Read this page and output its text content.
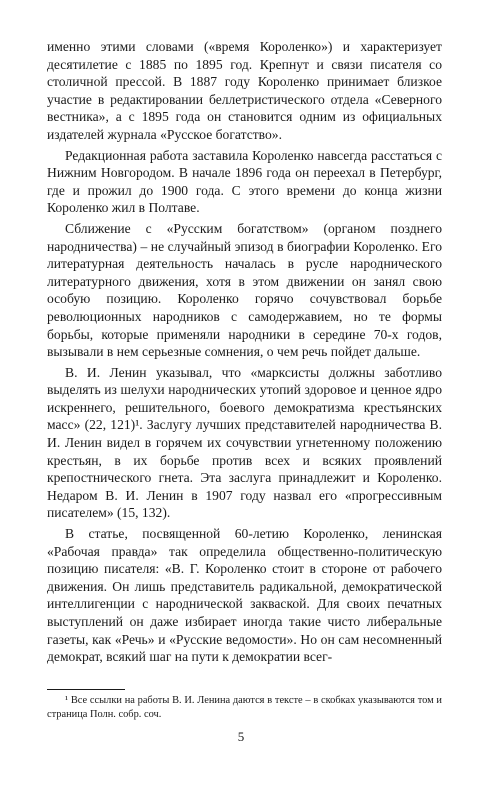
именно этими словами («время Короленко») и характеризует десятилетие с 1885 по 1895 год. Крепнут и связи писателя со столичной прессой. В 1887 году Короленко принимает близкое участие в редактировании беллетристического отдела «Северного вестника», а с 1895 года он становится одним из официальных издателей журнала «Русское богатство».

Редакционная работа заставила Короленко навсегда расстаться с Нижним Новгородом. В начале 1896 года он переехал в Петербург, где и прожил до 1900 года. С этого времени до конца жизни Короленко жил в Полтаве.

Сближение с «Русским богатством» (органом позднего народничества) – не случайный эпизод в биографии Короленко. Его литературная деятельность началась в русле народнического литературного движения, хотя в этом движении он занял свою особую позицию. Короленко горячо сочувствовал борьбе революционных народников с самодержавием, но те формы борьбы, которые применяли народники в середине 70-х годов, вызывали в нем серьезные сомнения, о чем речь пойдет дальше.

В. И. Ленин указывал, что «марксисты должны заботливо выделять из шелухи народнических утопий здоровое и ценное ядро искреннего, решительного, боевого демократизма крестьянских масс» (22, 121)¹. Заслугу лучших представителей народничества В. И. Ленин видел в горячем их сочувствии угнетенному положению крестьян, в их борьбе против всех и всяких проявлений крепостнического гнета. Эта заслуга принадлежит и Короленко. Недаром В. И. Ленин в 1907 году назвал его «прогрессивным писателем» (15, 132).

В статье, посвященной 60-летию Короленко, ленинская «Рабочая правда» так определила общественно-политическую позицию писателя: «В. Г. Короленко стоит в стороне от рабочего движения. Он лишь представитель радикальной, демократической интеллигенции с народнической закваской. Для своих печатных выступлений он даже избирает иногда такие чисто либеральные газеты, как «Речь» и «Русские ведомости». Но он сам несомненный демократ, всякий шаг на пути к демократии всег-

¹ Все ссылки на работы В. И. Ленина даются в тексте – в скобках указываются том и страница Полн. собр. соч.
5
